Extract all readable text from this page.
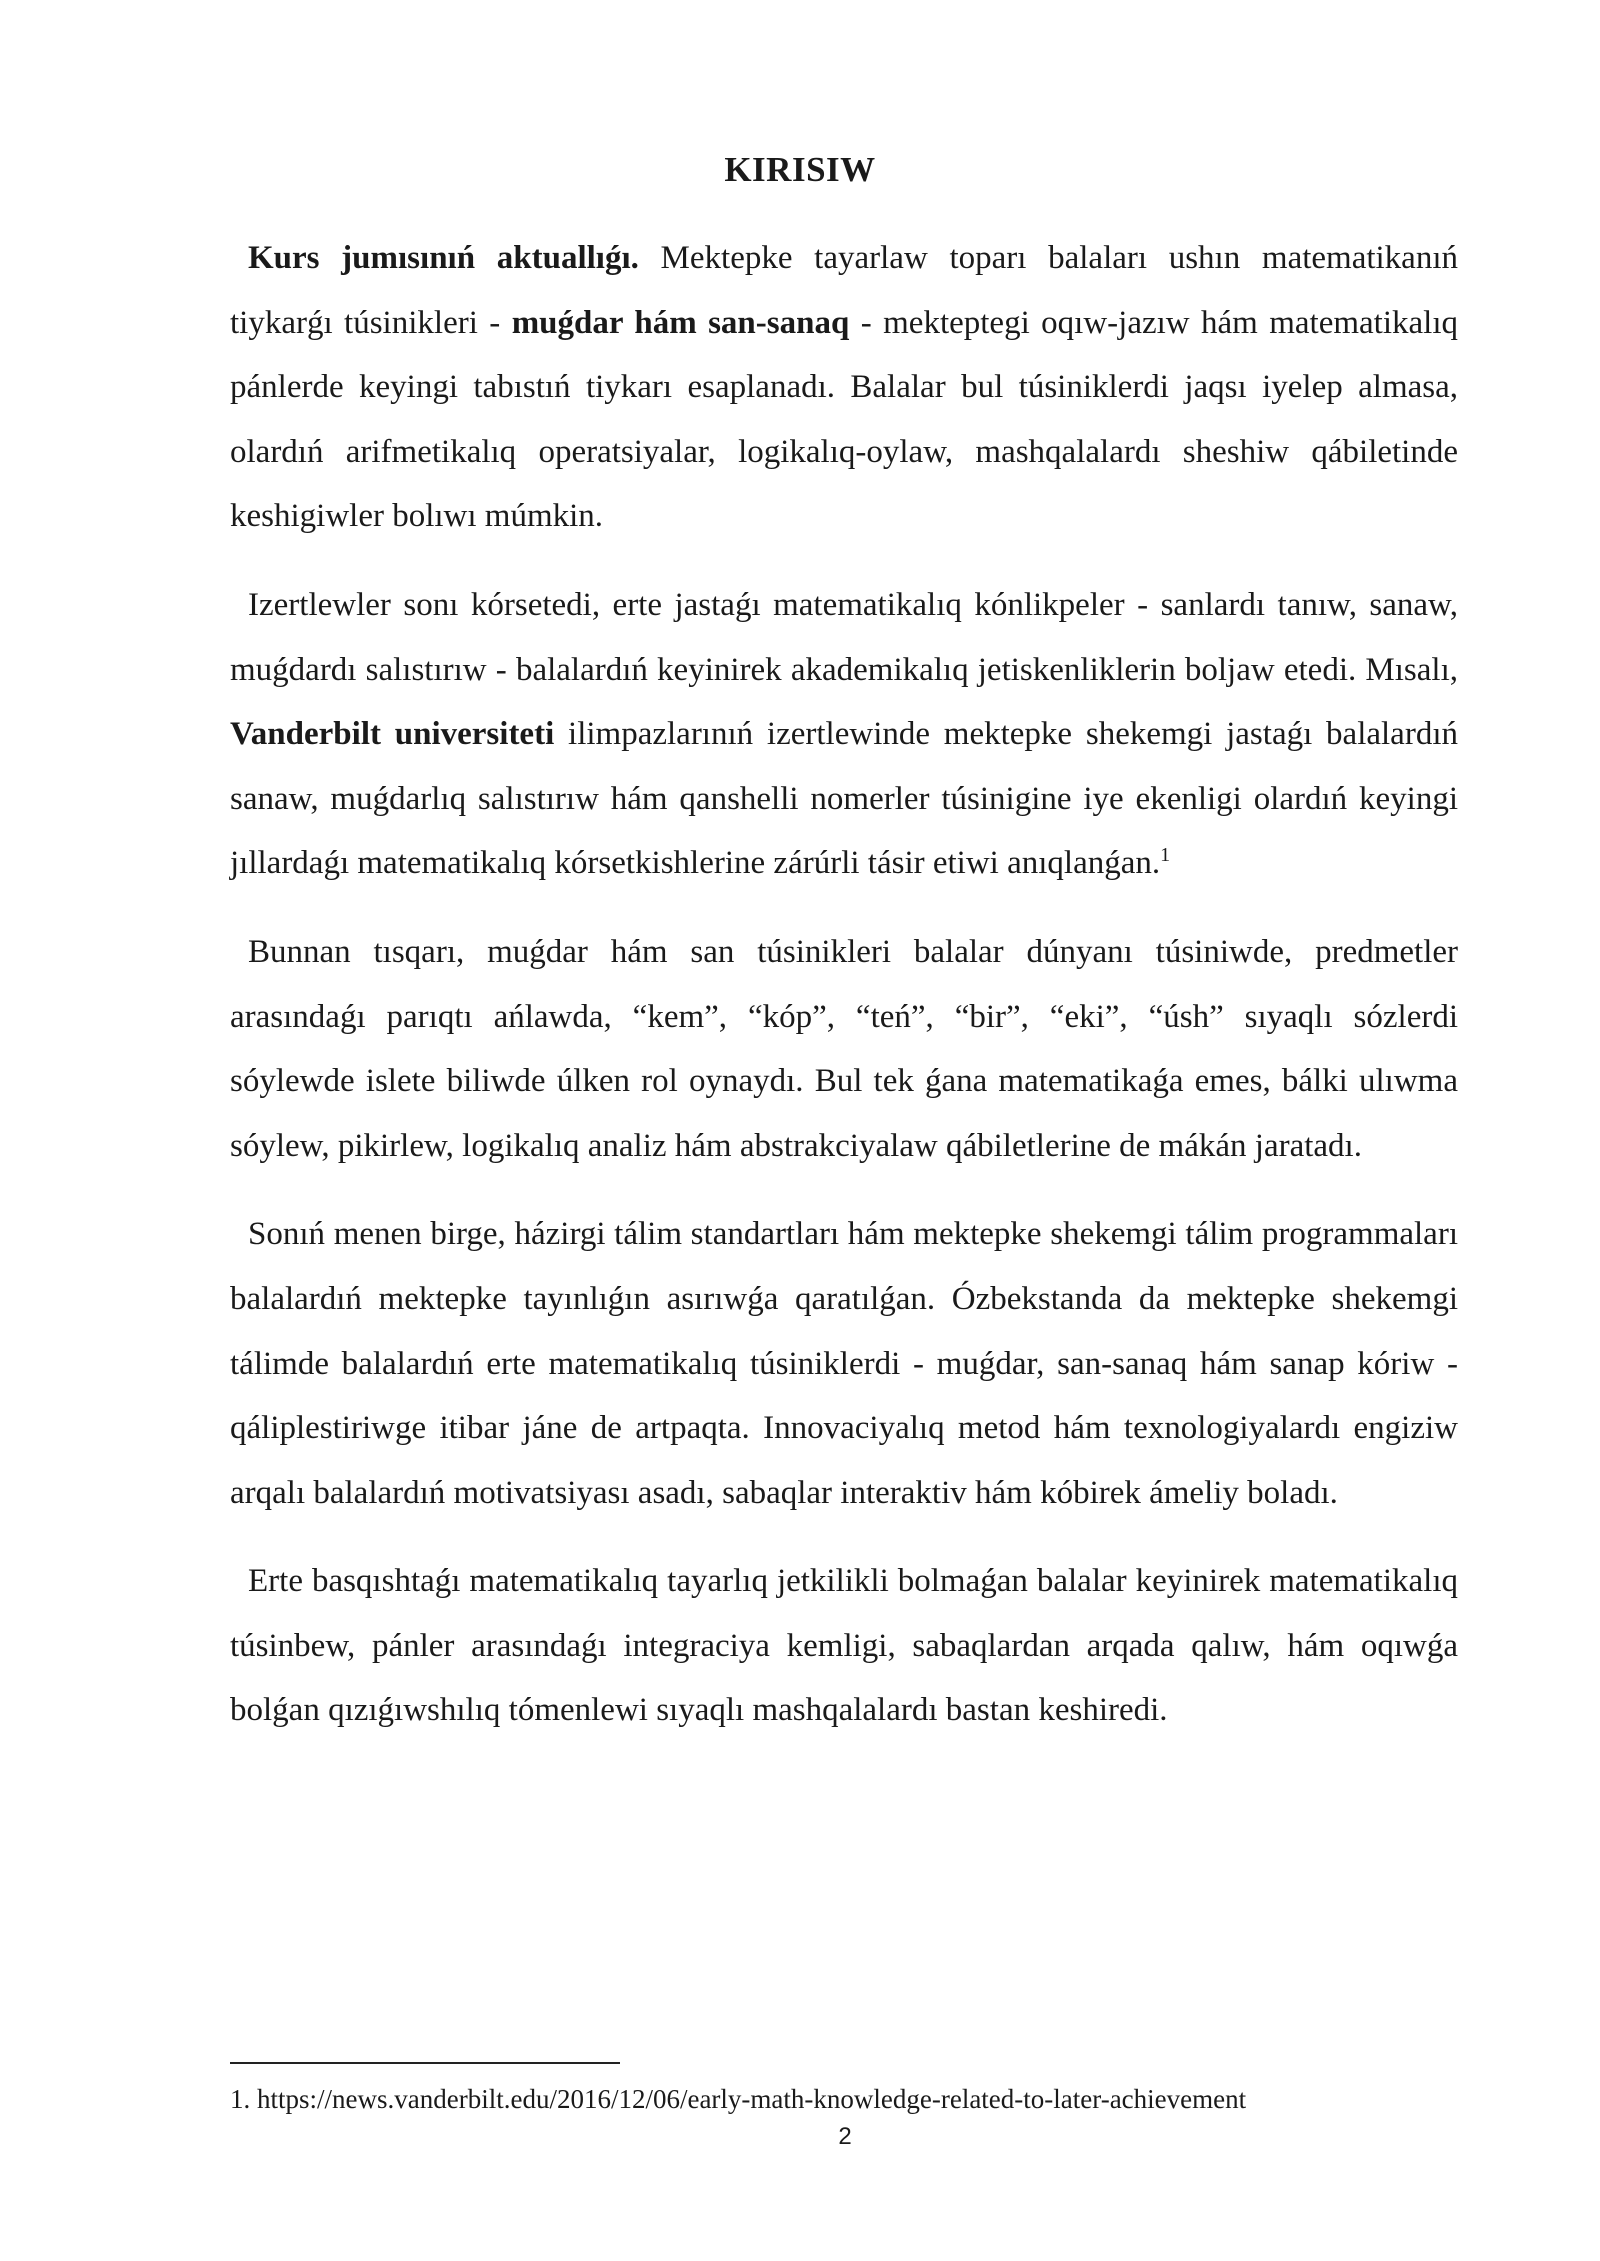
KIRISIW

Kurs jumısınıń aktuallıǵı. Mektepke tayarlaw toparı balaları ushın matematikanıń tiykarǵı túsinikleri - muǵdar hám san-sanaq - mekteptegi oqıw-jazıw hám matematikalıq pánlerde keyingi tabıstıń tiykarı esaplanadı. Balalar bul túsiniklerdi jaqsı iyelep almasa, olardıń arifmetikalıq operatsiyalar, logikalıq-oylaw, mashqalalardı sheshiw qábiletinde keshigiwler bolıwı múmkin.

Izertlewler sonı kórsetedi, erte jastaǵı matematikalıq kónlikpeler - sanlardı tanıw, sanaw, muǵdardı salıstırıw - balalardıń keyinirek akademikalıq jetiskenliklerin boljaw etedi. Mısalı, Vanderbilt universiteti ilimpazlarınıń izertlewinde mektepke shekemgi jastaǵı balalardıń sanaw, muǵdarlıq salıstırıw hám qanshelli nomerler túsinigine iye ekenligi olardıń keyingi jıllardaǵı matematikalıq kórsetkishlerine zárúrli tásir etiwi anıqlanǵan.$^1$

Bunnan tısqarı, muǵdar hám san túsinikleri balalar dúnyanı túsiniwde, predmetler arasındaǵı parıqtı ańlawda, “kem”, “kóp”, “teń”, “bir”, “eki”, “úsh” sıyaqlı sózlerdi sóylewde islete biliwde úlken rol oynaydı. Bul tek ǵana matematikaǵa emes, bálki ulıwma sóylew, pikirlew, logikalıq analiz hám abstrakciyalaw qábiletlerine de mákán jaratadı.

Sonıń menen birge, házirgi tálim standartları hám mektepke shekemgi tálim programmaları balalardıń mektepke tayınlıǵın asırıwǵa qaratılǵan. Ózbekstanda da mektepke shekemgi tálimde balalardıń erte matematikalıq túsiniklerdi - muǵdar, san-sanaq hám sanap kóriw - qáliplestiriwge itibar jáne de artpaqta. Innovaciyalıq metod hám texnologiyalardı engiziw arqalı balalardıń motivatsiyası asadı, sabaqlar interaktiv hám kóbirek ámeliy boladı.

Erte basqıshtaǵı matematikalıq tayarlıq jetkilikli bolmaǵan balalar keyinirek matematikalıq túsinbew, pánler arasındaǵı integraciya kemligi, sabaqlardan arqada qalıw, hám oqıwǵa bolǵan qızıǵıwshılıq tómenlewi sıyaqlı mashqalalardı bastan keshiredi.

1. https://news.vanderbilt.edu/2016/12/06/early-math-knowledge-related-to-later-achievement
2
